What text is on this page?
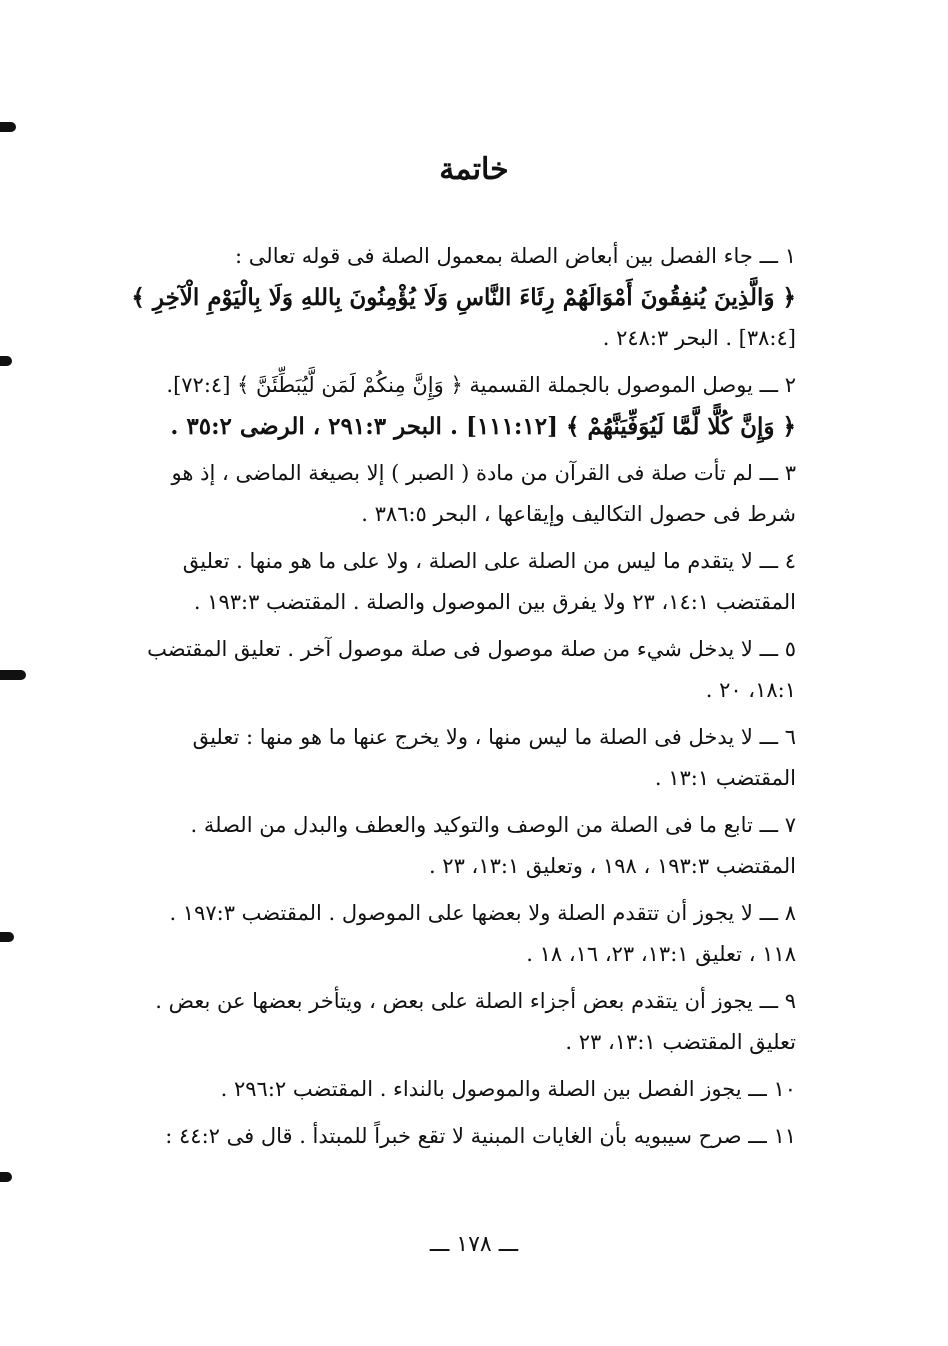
خاتمة
١ ـــ جاء الفصل بين أبعاض الصلة بمعمول الصلة فى قوله تعالى :
﴿ وَالَّذِينَ يُنفِقُونَ أَمْوَالَهُمْ رِئَاءَ النَّاسِ وَلَا يُؤْمِنُونَ بِاللهِ وَلَا بِالْيَوْمِ الْآخِرِ ﴾
[٣٨:٤] . البحر ٢٤٨:٣ .
٢ ـــ يوصل الموصول بالجملة القسمية ﴿ وَإِنَّ مِنكُمْ لَمَن لَّيُبَطِّئَنَّ ﴾ [٧٢:٤].
﴿ وَإِنَّ كُلًّا لَّمَّا لَيُوَفِّيَنَّهُمْ ﴾ [١١١:١٢] . البحر ٢٩١:٣ ، الرضى ٣٥:٢ .
٣ ـــ لم تأت صلة فى القرآن من مادة ( الصبر ) إلا بصيغة الماضى ، إذ هو
شرط فى حصول التكاليف وإيقاعها ، البحر ٣٨٦:٥ .
٤ ـــ لا يتقدم ما ليس من الصلة على الصلة ، ولا على ما هو منها . تعليق
المقتضب ١٤:١، ٢٣ ولا يفرق بين الموصول والصلة . المقتضب ١٩٣:٣ .
٥ ـــ لا يدخل شيء من صلة موصول فى صلة موصول آخر . تعليق المقتضب
١٨:١، ٢٠ .
٦ ـــ لا يدخل فى الصلة ما ليس منها ، ولا يخرج عنها ما هو منها : تعليق
المقتضب ١٣:١ .
٧ ـــ تابع ما فى الصلة من الوصف والتوكيد والعطف والبدل من الصلة .
المقتضب ١٩٣:٣ ، ١٩٨ ، وتعليق ١٣:١، ٢٣ .
٨ ـــ لا يجوز أن تتقدم الصلة ولا بعضها على الموصول . المقتضب ١٩٧:٣ .
١١٨ ، تعليق ١٣:١، ٢٣، ١٦، ١٨ .
٩ ـــ يجوز أن يتقدم بعض أجزاء الصلة على بعض ، ويتأخر بعضها عن بعض .
تعليق المقتضب ١٣:١، ٢٣ .
١٠ ـــ يجوز الفصل بين الصلة والموصول بالنداء . المقتضب ٢٩٦:٢ .
١١ ـــ صرح سيبويه بأن الغايات المبنية لا تقع خبراً للمبتدأ . قال فى ٤٤:٢ :
ـــ ١٧٨ ـــ
